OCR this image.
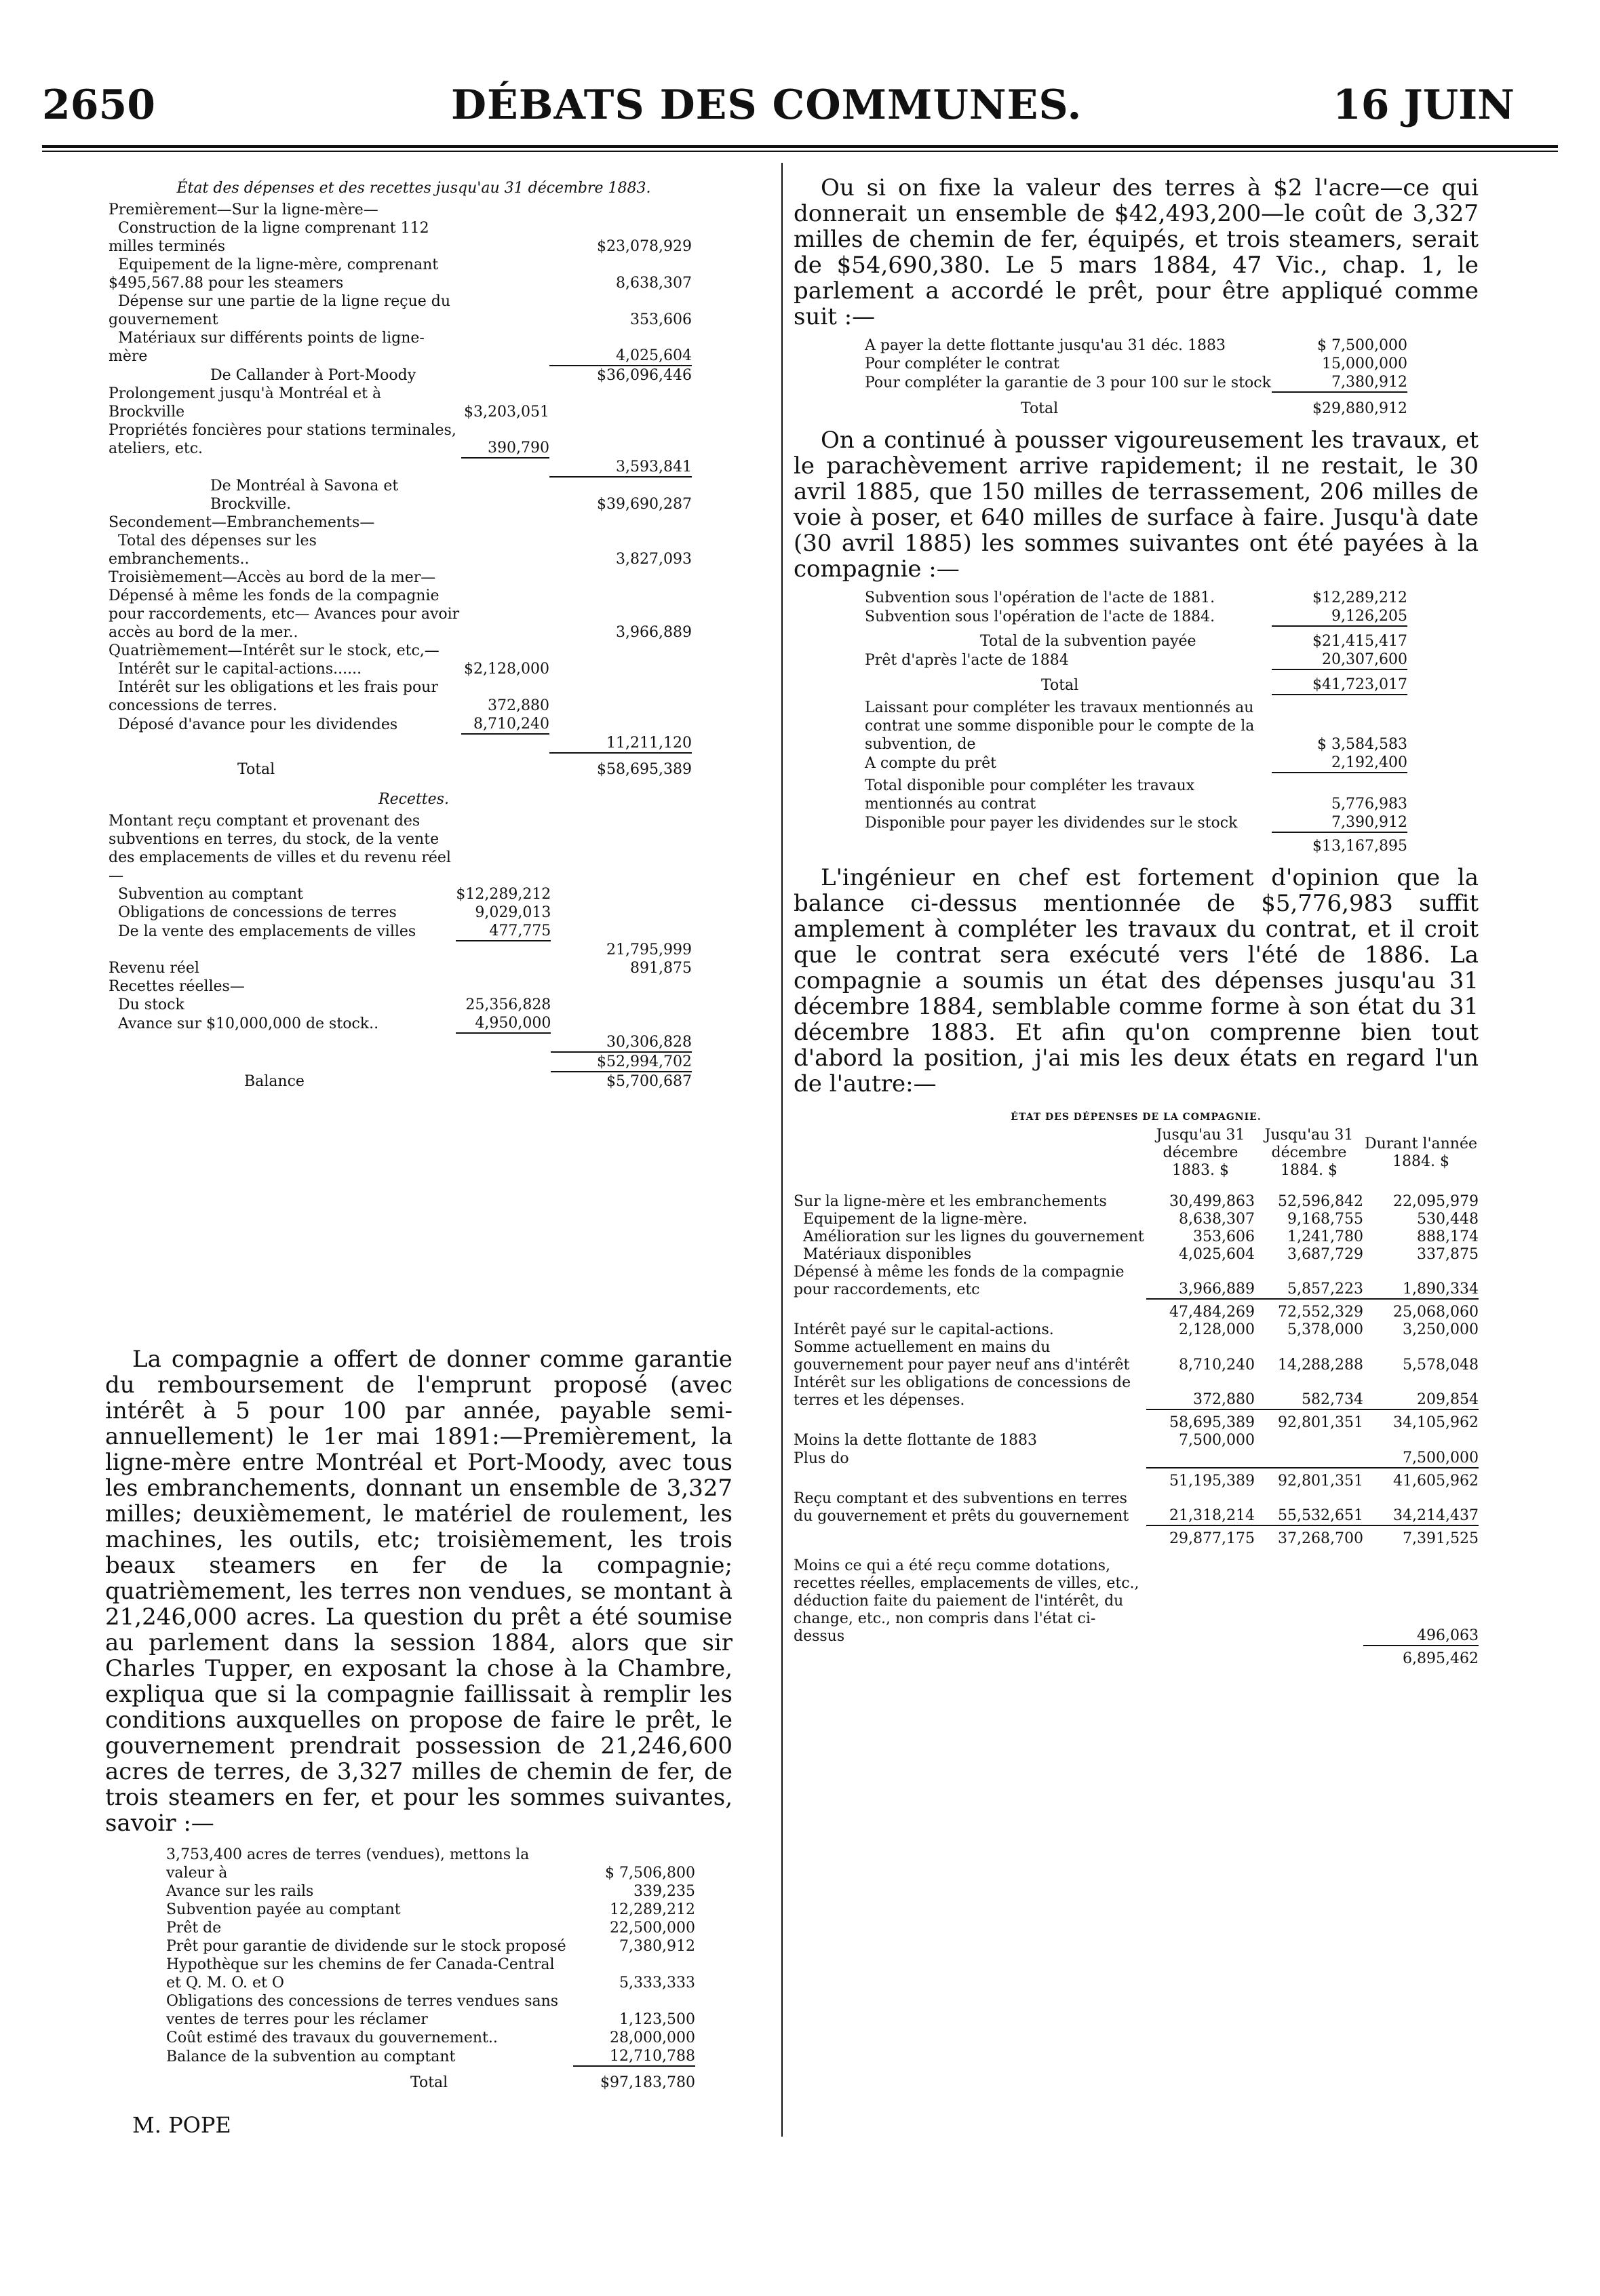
2650	DÉBATS DES COMMUNES.	16 JUIN

État des dépenses et des recettes jusqu'au 31 décembre 1883.

Premièrement—Sur la ligne-mère—		
Construction de la ligne comprenant 112 milles terminés		$23,078,929
Equipement de la ligne-mère, comprenant $495,567.88 pour les steamers		8,638,307
Dépense sur une partie de la ligne reçue du gouvernement		353,606
Matériaux sur différents points de ligne-mère		4,025,604
De Callander à Port-Moody		$36,096,446
Prolongement jusqu'à Montréal et à Brockville	$3,203,051	
Propriétés foncières pour stations terminales, ateliers, etc.	390,790	
		3,593,841
De Montréal à Savona et Brockville.		$39,690,287
Secondement—Embranchements—		
Total des dépenses sur les embranchements..		3,827,093
Troisièmement—Accès au bord de la mer— Dépensé à même les fonds de la compagnie pour raccordements, etc— Avances pour avoir accès au bord de la mer..		3,966,889
Quatrièmement—Intérêt sur le stock, etc,—		
Intérêt sur le capital-actions......	$2,128,000	
Intérêt sur les obligations et les frais pour concessions de terres.	372,880	
Déposé d'avance pour les dividendes	8,710,240	
		11,211,120
Total		$58,695,389

Recettes.

Montant reçu comptant et provenant des subventions en terres, du stock, de la vente des emplacements de villes et du revenu réel—		
Subvention au comptant	$12,289,212	
Obligations de concessions de terres	9,029,013	
De la vente des emplacements de villes	477,775	
		21,795,999
Revenu réel		891,875
Recettes réelles—		
Du stock	25,356,828	
Avance sur $10,000,000 de stock..	4,950,000	
		30,306,828
		$52,994,702
Balance		$5,700,687

La compagnie a offert de donner comme garantie du remboursement de l'emprunt proposé (avec intérêt à 5 pour 100 par année, payable semi-annuellement) le 1er mai 1891:—Premièrement, la ligne-mère entre Montréal et Port-Moody, avec tous les embranchements, donnant un ensemble de 3,327 milles; deuxièmement, le matériel de roulement, les machines, les outils, etc; troisièmement, les trois beaux steamers en fer de la compagnie; quatrièmement, les terres non vendues, se montant à 21,246,000 acres. La question du prêt a été soumise au parlement dans la session 1884, alors que sir Charles Tupper, en exposant la chose à la Chambre, expliqua que si la compagnie faillissait à remplir les conditions auxquelles on propose de faire le prêt, le gouvernement prendrait possession de 21,246,600 acres de terres, de 3,327 milles de chemin de fer, de trois steamers en fer, et pour les sommes suivantes, savoir :—

3,753,400 acres de terres (vendues), mettons la valeur à	$ 7,506,800
Avance sur les rails	339,235
Subvention payée au comptant	12,289,212
Prêt de	22,500,000
Prêt pour garantie de dividende sur le stock proposé	7,380,912
Hypothèque sur les chemins de fer Canada-Central et Q. M. O. et O	5,333,333
Obligations des concessions de terres vendues sans ventes de terres pour les réclamer	1,123,500
Coût estimé des travaux du gouvernement..	28,000,000
Balance de la subvention au comptant	12,710,788
Total	$97,183,780

M. POPE

Ou si on fixe la valeur des terres à $2 l'acre—ce qui donnerait un ensemble de $42,493,200—le coût de 3,327 milles de chemin de fer, équipés, et trois steamers, serait de $54,690,380. Le 5 mars 1884, 47 Vic., chap. 1, le parlement a accordé le prêt, pour être appliqué comme suit :—

A payer la dette flottante jusqu'au 31 déc. 1883	$ 7,500,000
Pour compléter le contrat	15,000,000
Pour compléter la garantie de 3 pour 100 sur le stock	7,380,912
Total	$29,880,912

On a continué à pousser vigoureusement les travaux, et le parachèvement arrive rapidement; il ne restait, le 30 avril 1885, que 150 milles de terrassement, 206 milles de voie à poser, et 640 milles de surface à faire. Jusqu'à date (30 avril 1885) les sommes suivantes ont été payées à la compagnie :—

Subvention sous l'opération de l'acte de 1881.	$12,289,212
Subvention sous l'opération de l'acte de 1884.	9,126,205
Total de la subvention payée	$21,415,417
Prêt d'après l'acte de 1884	20,307,600
Total	$41,723,017
Laissant pour compléter les travaux mentionnés au contrat une somme disponible pour le compte de la subvention, de	$ 3,584,583
A compte du prêt	2,192,400
Total disponible pour compléter les travaux mentionnés au contrat	5,776,983
Disponible pour payer les dividendes sur le stock	7,390,912
	$13,167,895

L'ingénieur en chef est fortement d'opinion que la balance ci-dessus mentionnée de $5,776,983 suffit amplement à compléter les travaux du contrat, et il croit que le contrat sera exécuté vers l'été de 1886. La compagnie a soumis un état des dépenses jusqu'au 31 décembre 1884, semblable comme forme à son état du 31 décembre 1883. Et afin qu'on comprenne bien tout d'abord la position, j'ai mis les deux états en regard l'un de l'autre:—

ÉTAT DES DÉPENSES DE LA COMPAGNIE.

	Jusqu'au 31 décembre 1883. $	Jusqu'au 31 décembre 1884. $	Durant l'année 1884. $
Sur la ligne-mère et les embranchements	30,499,863	52,596,842	22,095,979
Equipement de la ligne-mère.	8,638,307	9,168,755	530,448
Amélioration sur les lignes du gouvernement	353,606	1,241,780	888,174
Matériaux disponibles	4,025,604	3,687,729	337,875
Dépensé à même les fonds de la compagnie pour raccordements, etc	3,966,889	5,857,223	1,890,334
	47,484,269	72,552,329	25,068,060
Intérêt payé sur le capital-actions.	2,128,000	5,378,000	3,250,000
Somme actuellement en mains du gouvernement pour payer neuf ans d'intérêt	8,710,240	14,288,288	5,578,048
Intérêt sur les obligations de concessions de terres et les dépenses.	372,880	582,734	209,854
	58,695,389	92,801,351	34,105,962
Moins la dette flottante de 1883	7,500,000		
Plus do			7,500,000
	51,195,389	92,801,351	41,605,962
Reçu comptant et des subventions en terres du gouvernement et prêts du gouvernement	21,318,214	55,532,651	34,214,437
	29,877,175	37,268,700	7,391,525
Moins ce qui a été reçu comme dotations, recettes réelles, emplacements de villes, etc., déduction faite du paiement de l'intérêt, du change, etc., non compris dans l'état ci-dessus			496,063
			6,895,462
